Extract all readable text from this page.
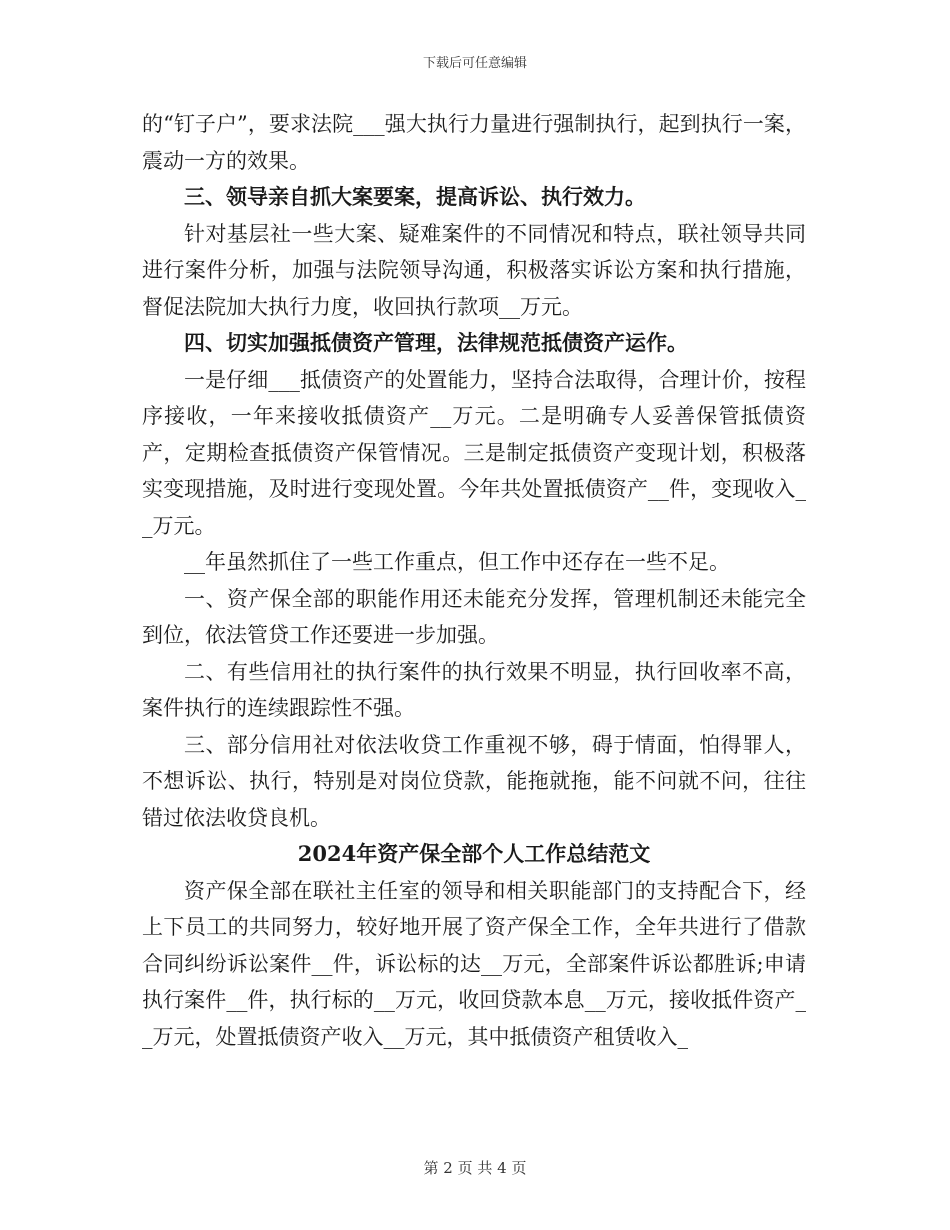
下载后可任意编辑

的“钉子户”，要求法院___强大执行力量进行强制执行，起到执行一案，震动一方的效果。

三、领导亲自抓大案要案，提高诉讼、执行效力。

针对基层社一些大案、疑难案件的不同情况和特点，联社领导共同进行案件分析，加强与法院领导沟通，积极落实诉讼方案和执行措施，督促法院加大执行力度，收回执行款项__万元。

四、切实加强抵债资产管理，法律规范抵债资产运作。

一是仔细___抵债资产的处置能力，坚持合法取得，合理计价，按程序接收，一年来接收抵债资产__万元。二是明确专人妥善保管抵债资产，定期检查抵债资产保管情况。三是制定抵债资产变现计划，积极落实变现措施，及时进行变现处置。今年共处置抵债资产__件，变现收入__万元。

__年虽然抓住了一些工作重点，但工作中还存在一些不足。

一、资产保全部的职能作用还未能充分发挥，管理机制还未能完全到位，依法管贷工作还要进一步加强。

二、有些信用社的执行案件的执行效果不明显，执行回收率不高，案件执行的连续跟踪性不强。

三、部分信用社对依法收贷工作重视不够，碍于情面，怕得罪人，不想诉讼、执行，特别是对岗位贷款，能拖就拖，能不问就不问，往往错过依法收贷良机。

2024年资产保全部个人工作总结范文

资产保全部在联社主任室的领导和相关职能部门的支持配合下，经上下员工的共同努力，较好地开展了资产保全工作，全年共进行了借款合同纠纷诉讼案件__件，诉讼标的达__万元，全部案件诉讼都胜诉;申请执行案件__件，执行标的__万元，收回贷款本息__万元，接收抵件资产__万元，处置抵债资产收入__万元，其中抵债资产租赁收入_

第 2 页 共 4 页
